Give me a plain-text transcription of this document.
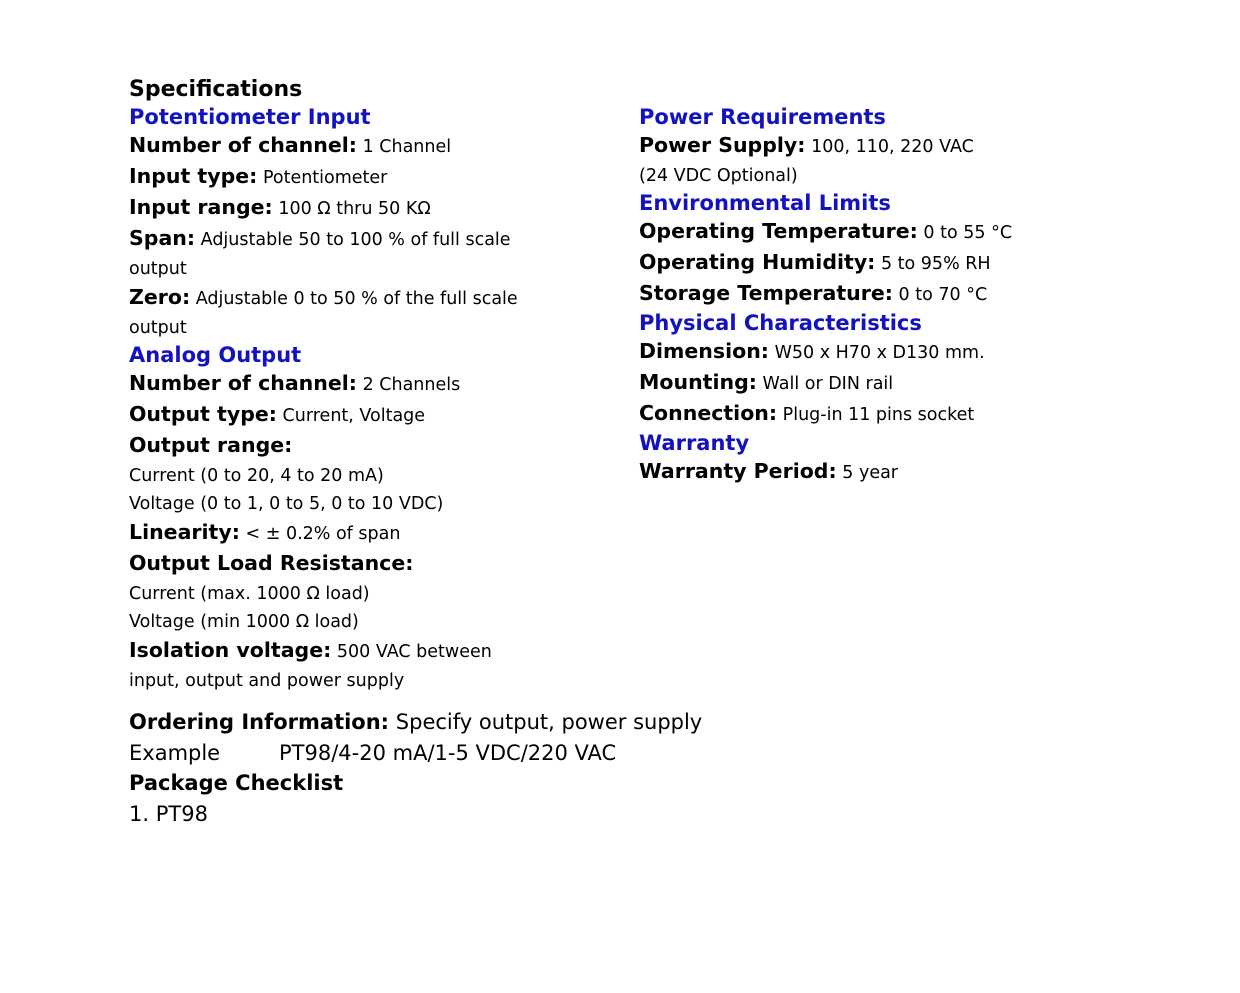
Specifications
Potentiometer Input

Number of channel: 1 Channel

Input type: Potentiometer

Input range: 100 Ω thru 50 KΩ

Span: Adjustable 50 to 100 % of full scale

output

Zero: Adjustable 0 to 50 % of the full scale

output

Analog Output

Number of channel: 2 Channels

Output type: Current, Voltage

Output range:

Current (0 to 20, 4 to 20 mA)

Voltage (0 to 1, 0 to 5, 0 to 10 VDC)

Linearity: < ± 0.2% of span

Output Load Resistance:

Current (max. 1000 Ω load)

Voltage (min 1000 Ω load)

Isolation voltage: 500 VAC between

input, output and power supply

Power Requirements

Power Supply: 100, 110, 220 VAC

(24 VDC Optional)

Environmental Limits

Operating Temperature: 0 to 55 °C

Operating Humidity: 5 to 95% RH

Storage Temperature: 0 to 70 °C

Physical Characteristics

Dimension: W50 x H70 x D130 mm.

Mounting: Wall or DIN rail

Connection: Plug-in 11 pins socket

Warranty

Warranty Period: 5 year

Ordering Information: Specify output, power supply

Example	PT98/4-20 mA/1-5 VDC/220 VAC

Package Checklist

1. PT98
